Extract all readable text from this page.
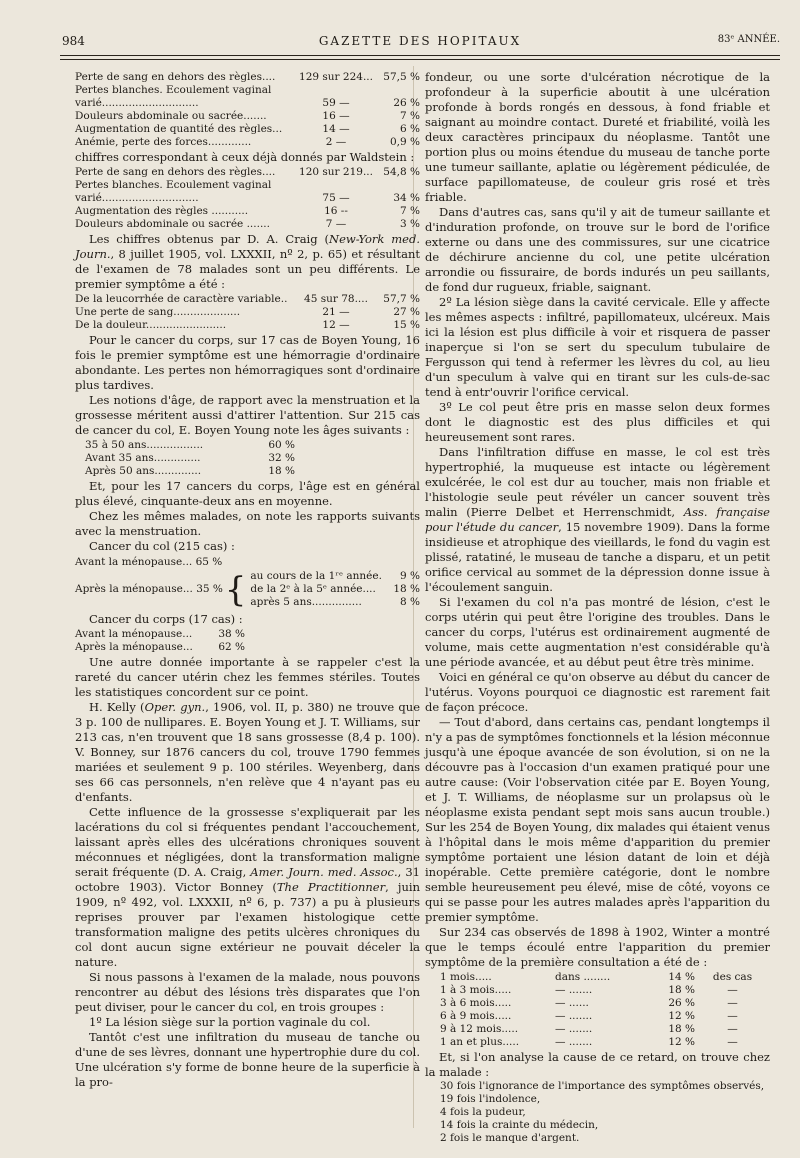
984	GAZETTE DES HOPITAUX	83ᵉ ANNÉE.
Perte de sang en dehors des règles....	129 sur 224...	57,5 %
Pertes blanches. Ecoulement vaginal		
varié.............................	59 —	26 %
Douleurs abdominale ou sacrée.......	16 —	7 %
Augmentation de quantité des règles...	14 —	6 %
Anémie, perte des forces.............	2 —	0,9 %

chiffres correspondant à ceux déjà donnés par Waldstein :

Perte de sang en dehors des règles....	120 sur 219...	54,8 %
Pertes blanches. Ecoulement vaginal		
varié.............................	75 —	34 %
Augmentation des règles ...........	16 --	7 %
Douleurs abdominale ou sacrée .......	7 —	3 %

Les chiffres obtenus par D. A. Craig (New-York med. Journ., 8 juillet 1905, vol. LXXXII, nº 2, p. 65) et résultant de l'examen de 78 malades sont un peu différents. Le premier symptôme a été :

De la leucorrhée de caractère variable..	45 sur 78....	57,7 %
Une perte de sang....................	21 —	27 %
De la douleur........................	12 —	15 %

Pour le cancer du corps, sur 17 cas de Boyen Young, 16 fois le premier symptôme est une hémorragie d'ordinaire abondante. Les pertes non hémorragiques sont d'ordinaire plus tardives.

Les notions d'âge, de rapport avec la menstruation et la grossesse méritent aussi d'attirer l'attention. Sur 215 cas de cancer du col, E. Boyen Young note les âges suivants :

35 à 50 ans.................	60 %
Avant 35 ans..............	32 %
Après 50 ans..............	18 %

Et, pour les 17 cancers du corps, l'âge est en général plus élevé, cinquante-deux ans en moyenne.

Chez les mêmes malades, on note les rapports suivants avec la menstruation.

Cancer du col (215 cas) :

Avant la ménopause... 65 %
Après la ménopause... 35 % { au cours de la 1ʳᵉ année.	9 %
de la 2ᵉ à la 5ᵉ année....	18 %
après 5 ans...............	8 %

Cancer du corps (17 cas) :

Avant la ménopause...	38 %
Après la ménopause...	62 %

Une autre donnée importante à se rappeler c'est la rareté du cancer utérin chez les femmes stériles. Toutes les statistiques concordent sur ce point.

H. Kelly (Oper. gyn., 1906, vol. II, p. 380) ne trouve que 3 p. 100 de nullipares. E. Boyen Young et J. T. Williams, sur 213 cas, n'en trouvent que 18 sans grossesse (8,4 p. 100). V. Bonney, sur 1876 cancers du col, trouve 1790 femmes mariées et seulement 9 p. 100 stériles. Weyenberg, dans ses 66 cas personnels, n'en relève que 4 n'ayant pas eu d'enfants.

Cette influence de la grossesse s'expliquerait par les lacérations du col si fréquentes pendant l'accouchement, laissant après elles des ulcérations chroniques souvent méconnues et négligées, dont la transformation maligne serait fréquente (D. A. Craig, Amer. Journ. med. Assoc., 31 octobre 1903). Victor Bonney (The Practitionner, juin 1909, nº 492, vol. LXXXII, nº 6, p. 737) a pu à plusieurs reprises prouver par l'examen histologique cette transformation maligne des petits ulcères chroniques du col dont aucun signe extérieur ne pouvait déceler la nature.

Si nous passons à l'examen de la malade, nous pouvons rencontrer au début des lésions très disparates que l'on peut diviser, pour le cancer du col, en trois groupes :

1º La lésion siège sur la portion vaginale du col.

Tantôt c'est une infiltration du museau de tanche ou d'une de ses lèvres, donnant une hypertrophie dure du col. Une ulcération s'y forme de bonne heure de la superficie à la pro-

fondeur, ou une sorte d'ulcération nécrotique de la profondeur à la superficie aboutit à une ulcération profonde à bords rongés en dessous, à fond friable et saignant au moindre contact. Dureté et friabilité, voilà les deux caractères principaux du néoplasme. Tantôt une portion plus ou moins étendue du museau de tanche porte une tumeur saillante, aplatie ou légèrement pédiculée, de surface papillomateuse, de couleur gris rosé et très friable.

Dans d'autres cas, sans qu'il y ait de tumeur saillante et d'induration profonde, on trouve sur le bord de l'orifice externe ou dans une des commissures, sur une cicatrice de déchirure ancienne du col, une petite ulcération arrondie ou fissuraire, de bords indurés un peu saillants, de fond dur rugueux, friable, saignant.

2º La lésion siège dans la cavité cervicale. Elle y affecte les mêmes aspects : infiltré, papillomateux, ulcéreux. Mais ici la lésion est plus difficile à voir et risquera de passer inaperçue si l'on se sert du speculum tubulaire de Fergusson qui tend à refermer les lèvres du col, au lieu d'un speculum à valve qui en tirant sur les culs-de-sac tend à entr'ouvrir l'orifice cervical.

3º Le col peut être pris en masse selon deux formes dont le diagnostic est des plus difficiles et qui heureusement sont rares.

Dans l'infiltration diffuse en masse, le col est très hypertrophié, la muqueuse est intacte ou légèrement exulcérée, le col est dur au toucher, mais non friable et l'histologie seule peut révéler un cancer souvent très malin (Pierre Delbet et Herrenschmidt, Ass. française pour l'étude du cancer, 15 novembre 1909). Dans la forme insidieuse et atrophique des vieillards, le fond du vagin est plissé, ratatiné, le museau de tanche a disparu, et un petit orifice cervical au sommet de la dépression donne issue à l'écoulement sanguin.

Si l'examen du col n'a pas montré de lésion, c'est le corps utérin qui peut être l'origine des troubles. Dans le cancer du corps, l'utérus est ordinairement augmenté de volume, mais cette augmentation n'est considérable qu'à une période avancée, et au début peut être très minime.

Voici en général ce qu'on observe au début du cancer de l'utérus. Voyons pourquoi ce diagnostic est rarement fait de façon précoce.

— Tout d'abord, dans certains cas, pendant longtemps il n'y a pas de symptômes fonctionnels et la lésion méconnue jusqu'à une époque avancée de son évolution, si on ne la découvre pas à l'occasion d'un examen pratiqué pour une autre cause: (Voir l'observation citée par E. Boyen Young, et J. T. Williams, de néoplasme sur un prolapsus où le néoplasme exista pendant sept mois sans aucun trouble.) Sur les 254 de Boyen Young, dix malades qui étaient venus à l'hôpital dans le mois même d'apparition du premier symptôme portaient une lésion datant de loin et déjà inopérable. Cette première catégorie, dont le nombre semble heureusement peu élevé, mise de côté, voyons ce qui se passe pour les autres malades après l'apparition du premier symptôme.

Sur 234 cas observés de 1898 à 1902, Winter a montré que le temps écoulé entre l'apparition du premier symptôme de la première consultation a été de :

1 mois.....	dans ........	14 %	des cas
1 à 3 mois.....	— .......	18 %	—
3 à 6 mois.....	— ......	26 %	—
6 à 9 mois.....	— .......	12 %	—
9 à 12 mois.....	— .......	18 %	—
1 an et plus.....	— .......	12 %	—

Et, si l'on analyse la cause de ce retard, on trouve chez la malade :

30 fois l'ignorance de l'importance des symptômes observés,
19 fois l'indolence,
4 fois la pudeur,
14 fois la crainte du médecin,
2 fois le manque d'argent.
